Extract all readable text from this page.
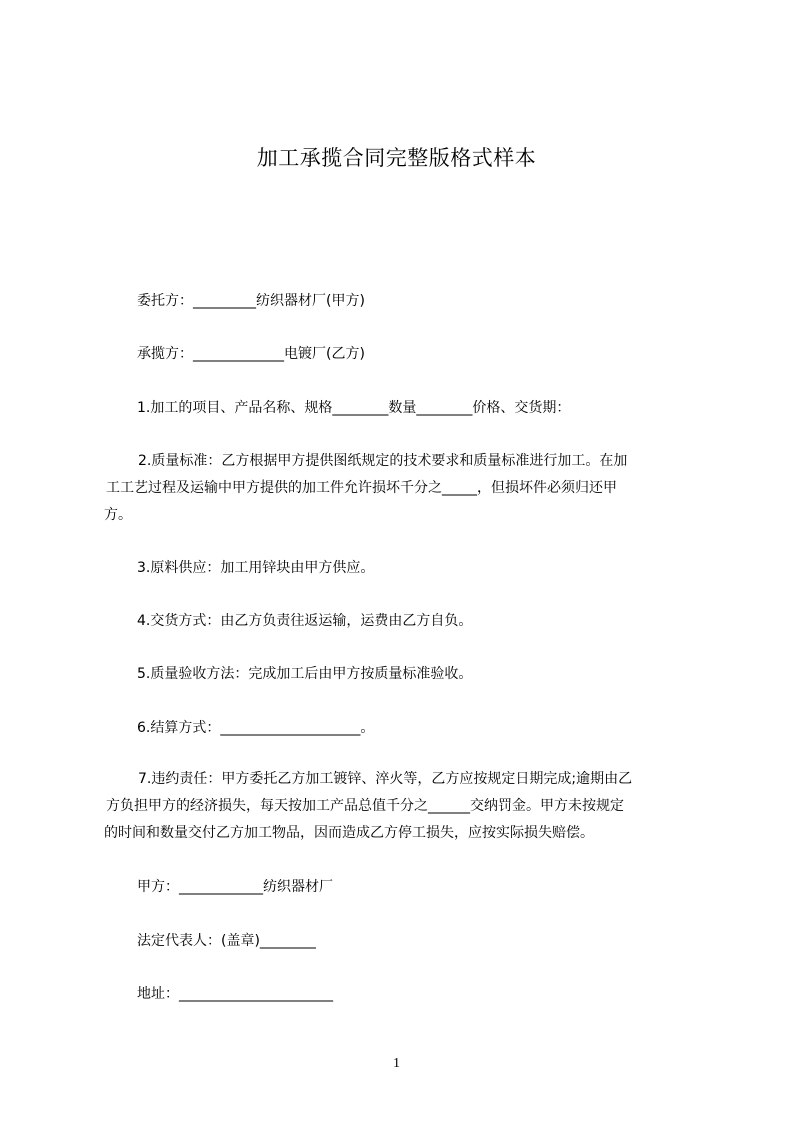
加工承揽合同完整版格式样本
委托方：_________纺织器材厂(甲方)
承揽方：_____________电镀厂(乙方)
1.加工的项目、产品名称、规格________数量________价格、交货期：
2.质量标准：乙方根据甲方提供图纸规定的技术要求和质量标准进行加工。在加
工工艺过程及运输中甲方提供的加工件允许损坏千分之_____，但损坏件必须归还甲
方。
3.原料供应：加工用锌块由甲方供应。
4.交货方式：由乙方负责往返运输，运费由乙方自负。
5.质量验收方法：完成加工后由甲方按质量标准验收。
6.结算方式：____________________。
7.违约责任：甲方委托乙方加工镀锌、淬火等，乙方应按规定日期完成;逾期由乙
方负担甲方的经济损失，每天按加工产品总值千分之______交纳罚金。甲方未按规定
的时间和数量交付乙方加工物品，因而造成乙方停工损失，应按实际损失赔偿。
甲方：____________纺织器材厂
法定代表人：(盖章)________
地址：______________________
1
